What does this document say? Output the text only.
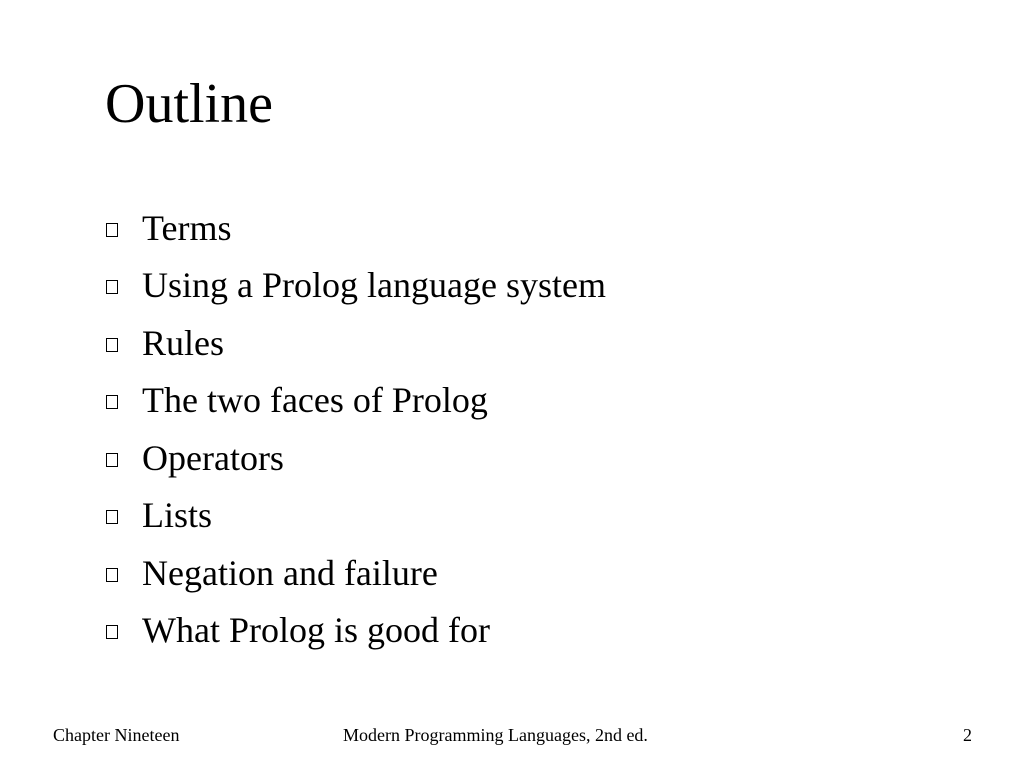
Outline
Terms
Using a Prolog language system
Rules
The two faces of Prolog
Operators
Lists
Negation and failure
What Prolog is good for
Chapter Nineteen	Modern Programming Languages, 2nd ed.	2
